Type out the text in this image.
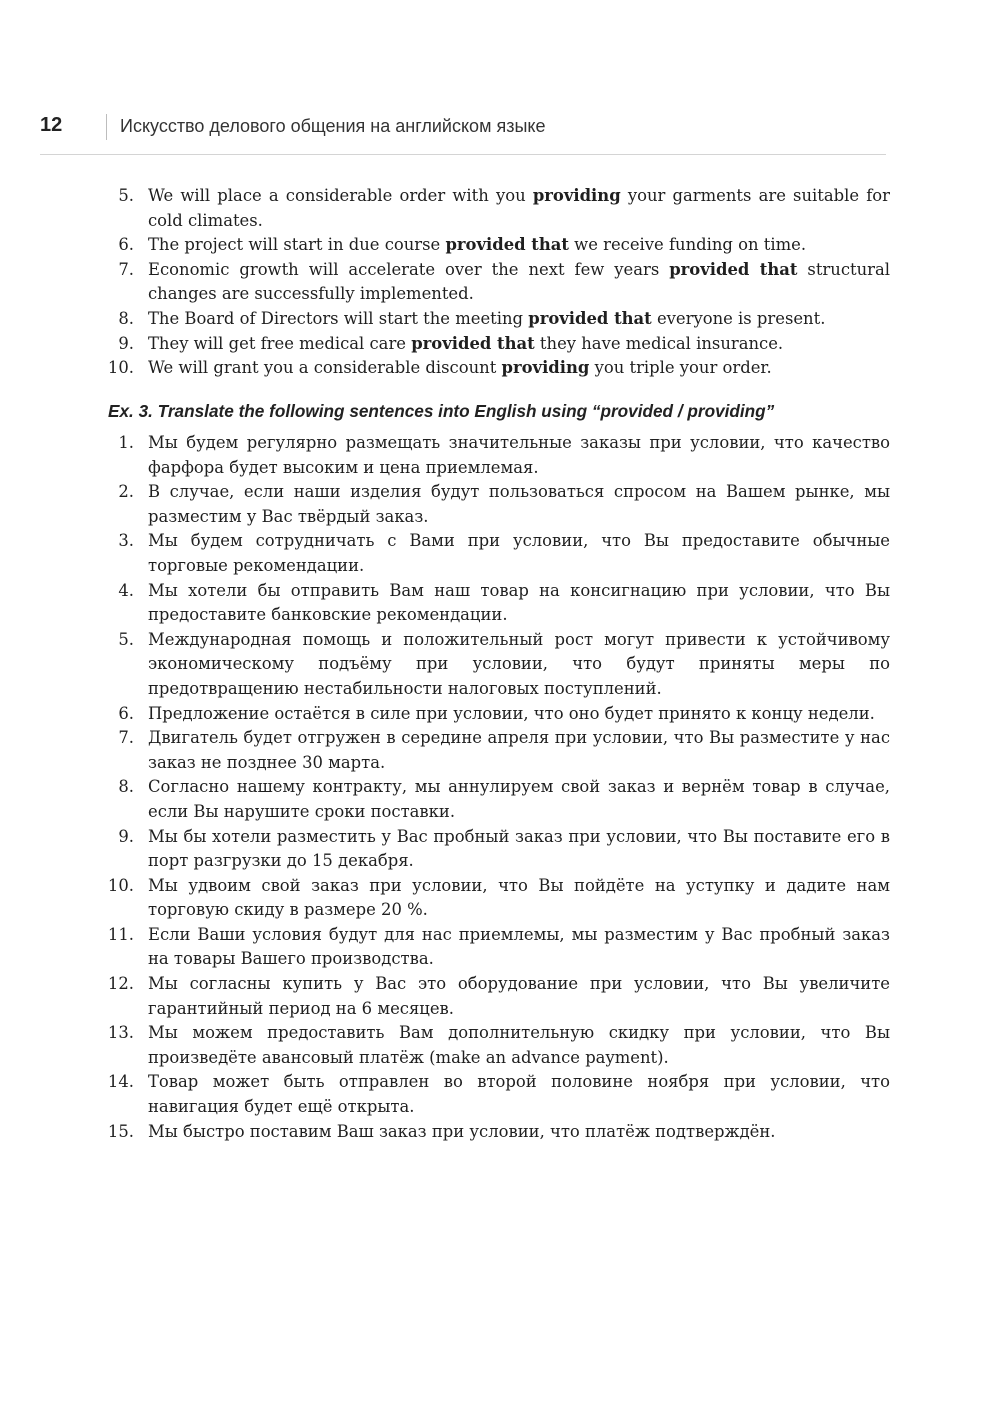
12	Искусство делового общения на английском языке
5. We will place a considerable order with you providing your garments are suitable for cold climates.
6. The project will start in due course provided that we receive funding on time.
7. Economic growth will accelerate over the next few years provided that structural changes are successfully implemented.
8. The Board of Directors will start the meeting provided that everyone is present.
9. They will get free medical care provided that they have medical insurance.
10. We will grant you a considerable discount providing you triple your order.
Ex. 3. Translate the following sentences into English using “provided / providing”
1. Мы будем регулярно размещать значительные заказы при условии, что качество фарфора будет высоким и цена приемлемая.
2. В случае, если наши изделия будут пользоваться спросом на Вашем рынке, мы разместим у Вас твёрдый заказ.
3. Мы будем сотрудничать с Вами при условии, что Вы предоставите обычные торговые рекомендации.
4. Мы хотели бы отправить Вам наш товар на консигнацию при условии, что Вы предоставите банковские рекомендации.
5. Международная помощь и положительный рост могут привести к устойчивому экономическому подъёму при условии, что будут приняты меры по предотвращению нестабильности налоговых поступлений.
6. Предложение остаётся в силе при условии, что оно будет принято к концу недели.
7. Двигатель будет отгружен в середине апреля при условии, что Вы разместите у нас заказ не позднее 30 марта.
8. Согласно нашему контракту, мы аннулируем свой заказ и вернём товар в случае, если Вы нарушите сроки поставки.
9. Мы бы хотели разместить у Вас пробный заказ при условии, что Вы поставите его в порт разгрузки до 15 декабря.
10. Мы удвоим свой заказ при условии, что Вы пойдёте на уступку и дадите нам торговую скиду в размере 20 %.
11. Если Ваши условия будут для нас приемлемы, мы разместим у Вас пробный заказ на товары Вашего производства.
12. Мы согласны купить у Вас это оборудование при условии, что Вы увеличите гарантийный период на 6 месяцев.
13. Мы можем предоставить Вам дополнительную скидку при условии, что Вы произведёте авансовый платёж (make an advance payment).
14. Товар может быть отправлен во второй половине ноября при условии, что навигация будет ещё открыта.
15. Мы быстро поставим Ваш заказ при условии, что платёж подтверждён.
